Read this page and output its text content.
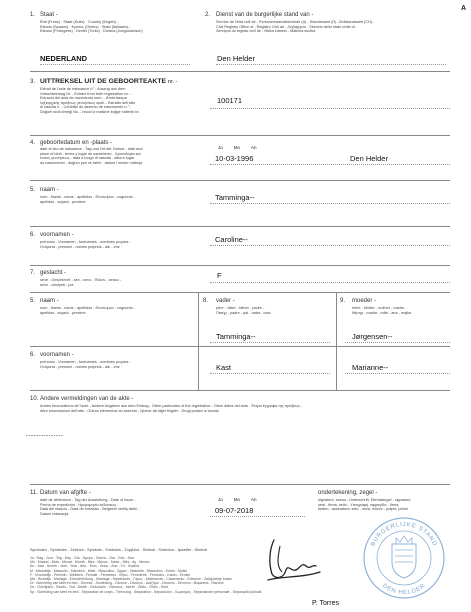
A
1. Staat -
État (Frans) · Staat (Duits) · Country (Engels) -
Estado (Spaans) · Κράτος (Grieks) · Stato (Italiaans) -
Estado (Portugees) · Devlet (Turks) · Država (Joegoslavisch)
NEDERLAND
2. Dienst van de burgerlijke stand van -
Service de l'état civil de - Personenstandsbehörde (A) - Standesamt (D) -Zivilstandsamt (CH) -
Civil Registry Office of - Registro Civil de - Ληξιαρχείο - Servizio dello stato civile di -
Serviços do registo civil de - Nüfus Idaresi - Matična služba
Den Helder
3. UITTREKSEL UIT DE GEBOORTEAKTE nr. -
Extrait de l'acte de naissance n° - Auszug aus dem
Geburtseintrag Nr. - Extract from birth registration no. -
Extracto del acta de nacimiento núm. - Απόσπασμα
ληξιαρχικής πράξεως γεννήσεως αριθ. - Estratto dell'atto
di nascita n. - Certidão do assento de nascimento n.° -
Doğum sicili örneği No. - Izvod iz matične knjige rođenih br.
100171
4. geboortedatum en -plaats -
date et lieu de naissance - Tag und Ort der Geburt - date and
place of birth - fecha y lugar de nacimiento - Χρονολογία και
τόπος γεννήσεως - data e luogo di nascita - data e lugar
do nascimento - doğum yeri ve tarihi - datum i mesto rođenja
Jo Mo An
10-03-1996	Den Helder
5. naam -
nom - Name - name - apellidos - Επώνυμον - cognome -
apelidos - soyadı - prezime	Tamminga--
6. voornamen -
prénoms - Vornamen - forenames - nombres propios -
Ονόματα - prenomi - nomes próprios - adı - ime
Caroline--
7. geslacht -
sexe - Geschlecht - sex - sexo - Φύλον - sesso -
sexo - cinsiyeti - pol
F
5. naam -
nom - Name - name - apellidos - Επώνυμον - cognome -
apelidos - soyadı - prezime
8. vader -
père - Vater - father - padre -
Πατήρ - padre - pai - baba - otac
Tamminga--
9. moeder -
mère - Mutter - mother - madre -
Μήτηρ - madre - mãe - ana - majka
Jørgensen--
6. voornamen -
prénoms - Vornamen - forenames - nombres propios -
Ονόματα - prenomi - nomes próprios - adı - ime	Kast	Marianne--
10. Andere vermeldingen van de akte -
Autres énonciations de l'acte - Andere Angaben aus dem Eintrag - Other particulars of the registration - Otros datos del acta - Έτερα έγγραφα της πράξεως -
Altre enunciazioni dell'atto - Outros elementos do assento - İşlome ait diğer bilgiler - Drugi podaci iz izvoda
---------------
11. Datum van afgifte -
date de délivrance - Tag der Ausstellung - Date of issue -
Fecha de expedición - Ημερομηνία εκδόσεως -
Data del rilascio - Data de emissão - Belgenin veriliş tarihi -
Datum izdavanja
Jo Mo An
09-07-2018
ondertekening, zegel -
signature, sceau - Unterschrift, Dienstsiegel - signature,
seal - firma, sello - Υπογραφή, σφραγίδα - firma,
timbro - assinatura, selo - imza, mühür - potpis, pečat
BURGERLIJKE STAND
DEN HELDER
P. Torres
Symbolen - Symboles - Zeichen - Symbols - Símbolos - Σύμβολα - Simboli - Símbolos - İşaretler - Simboli
Jo : Dag - Jour - Tag - Day - Día - Ημέρα - Giorno - Dia - Gün - Dan
Mo : Maand - Mois - Monat - Month - Mes - Μήνας - Mese - Mês - Ay - Mesec
An : Jaar - Année - Jahr - Year - Año - Έτος - Anno - Ano - Yıl - Godina
M : Mannelijk - Masculin - Männlich - Male - Masculino - Άρρεν - Maschile - Masculino - Erkek - Muški
F : Vrouwelijk - Féminin - Weiblich - Female - Femenino - Θήλυ - Femminile - Feminino - Kadın - Ženski
Ma : Huwelijk - Mariage - Eheschließung - Marriage - Matrimonio - Γάμος - Matrimonio - Casamento - Evlenme - Zaključenje braka
Di : Scheiding van tafel en bed - Divorce - Scheidung - Divorce - Divorcio - Διαζύγιο - Divorzio - Divórcio - Boşanma - Razvod
Dc : Overlijden - Décès - Tod - Death - Defunción - Θάνατος - Morte - Óbito - Ölüm - Smrt
Sp : Scheiding van tafel en bed - Séparation de corps - Trennung - Separation - Separación - Χωρισμός - Separazione personale - Separação judicial
